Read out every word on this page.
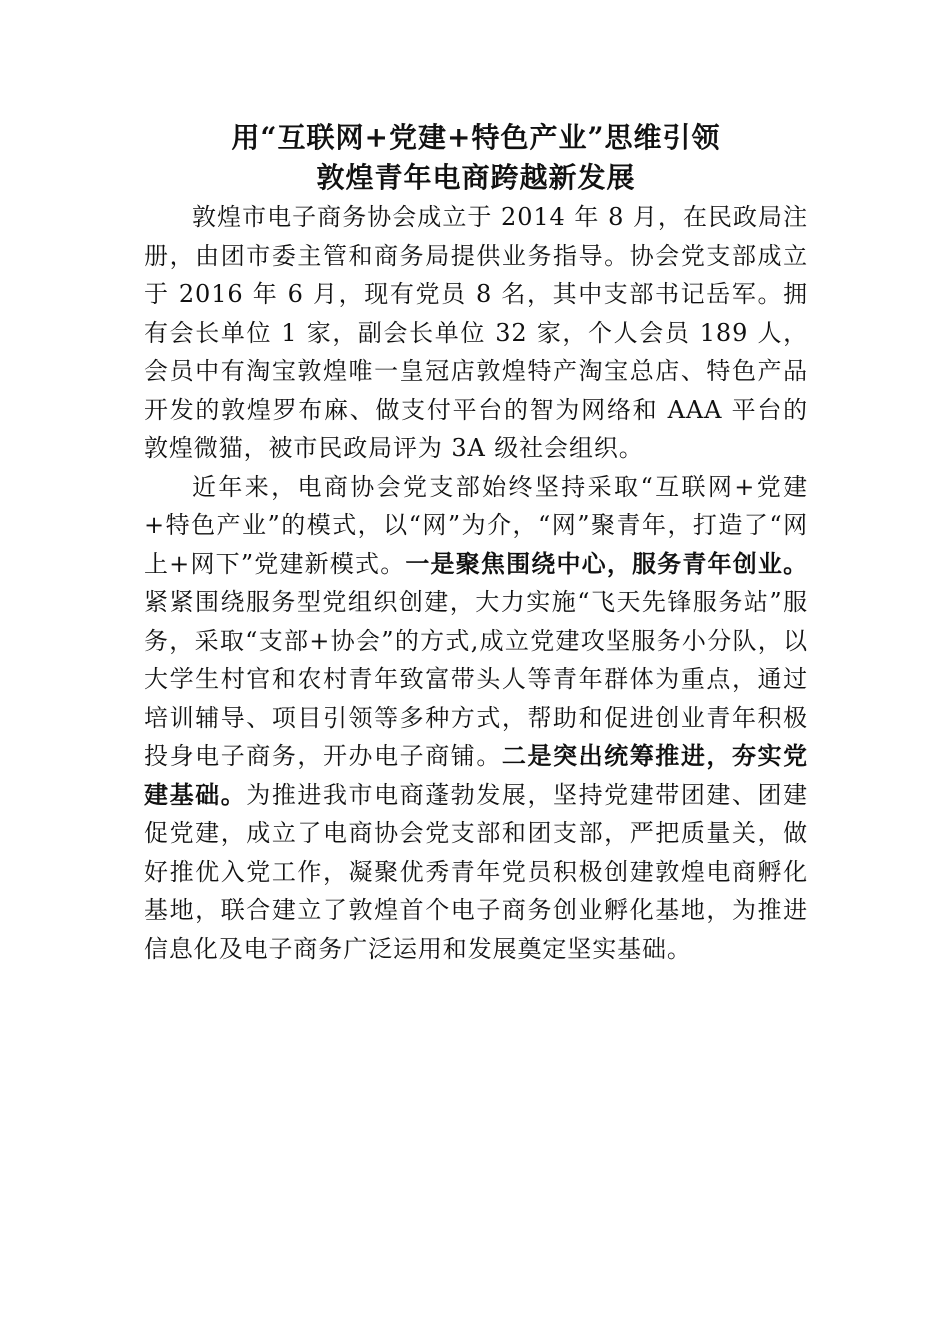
用“互联网+党建+特色产业”思维引领
敦煌青年电商跨越新发展

敦煌市电子商务协会成立于 2014 年 8 月，在民政局注册，由团市委主管和商务局提供业务指导。协会党支部成立于 2016 年 6 月，现有党员 8 名，其中支部书记岳军。拥有会长单位 1 家，副会长单位 32 家，个人会员 189 人，会员中有淘宝敦煌唯一皇冠店敦煌特产淘宝总店、特色产品开发的敦煌罗布麻、做支付平台的智为网络和 AAA 平台的敦煌微猫，被市民政局评为 3A 级社会组织。

近年来，电商协会党支部始终坚持采取“互联网+党建+特色产业”的模式，以“网”为介，“网”聚青年，打造了“网上+网下”党建新模式。一是聚焦围绕中心，服务青年创业。紧紧围绕服务型党组织创建，大力实施“飞天先锋服务站”服务，采取“支部+协会”的方式,成立党建攻坚服务小分队，以大学生村官和农村青年致富带头人等青年群体为重点，通过培训辅导、项目引领等多种方式，帮助和促进创业青年积极投身电子商务，开办电子商铺。二是突出统筹推进，夯实党建基础。为推进我市电商蓬勃发展，坚持党建带团建、团建促党建，成立了电商协会党支部和团支部，严把质量关，做好推优入党工作，凝聚优秀青年党员积极创建敦煌电商孵化基地，联合建立了敦煌首个电子商务创业孵化基地，为推进信息化及电子商务广泛运用和发展奠定坚实基础。
